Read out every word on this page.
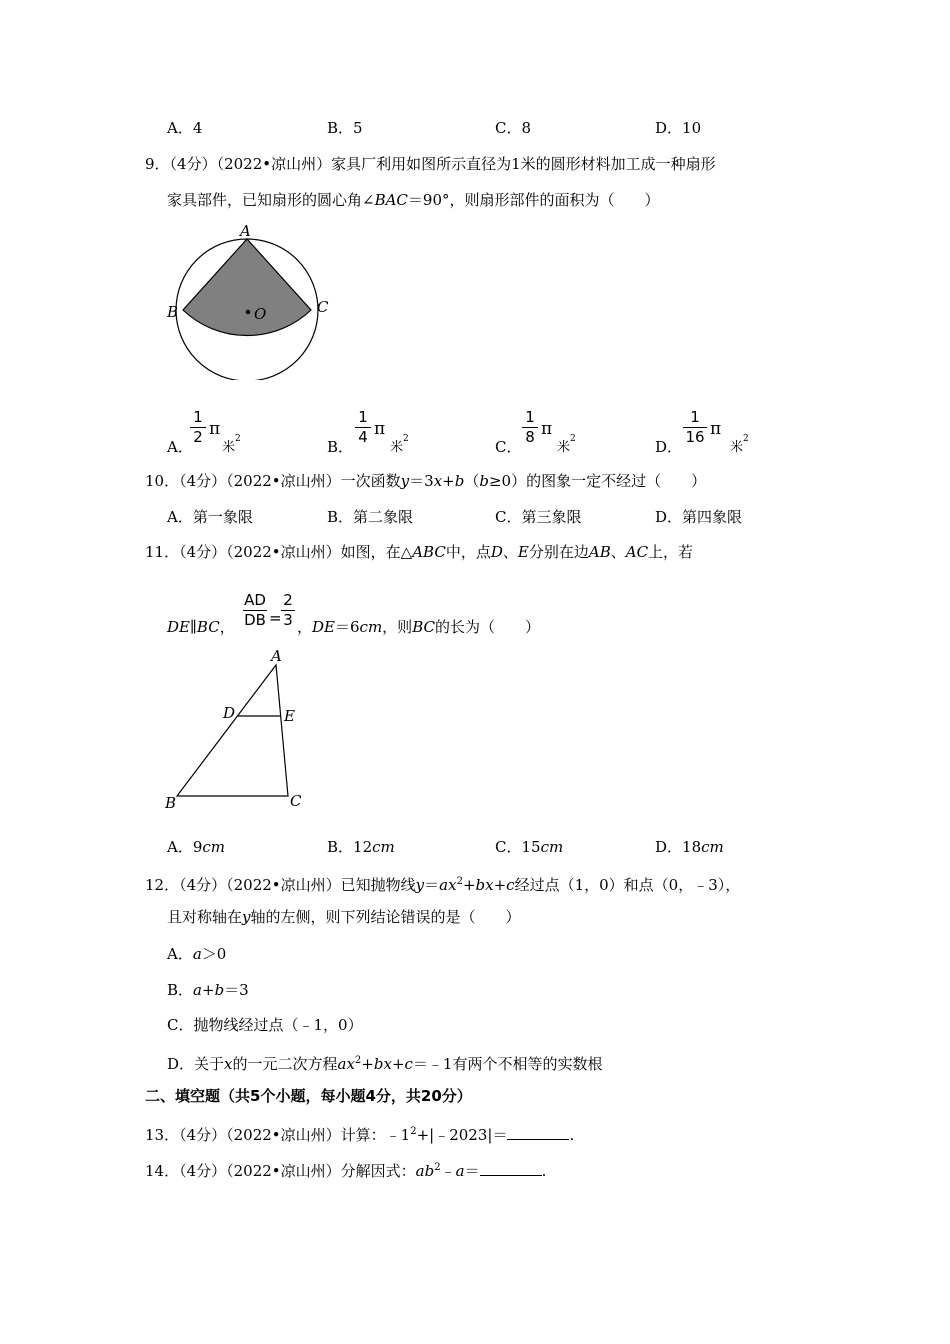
A．4	B．5	C．8	D．10
9．（4分）（2022•凉山州）家具厂利用如图所示直径为1米的圆形材料加工成一种扇形
家具部件，已知扇形的圆心角∠BAC＝90°，则扇形部件的面积为（　　）
A
B	C
O
A．
1
2 π
米$^2$	B．
1
4 π
米$^2$	C．
1
8 π
米$^2$	D．
1
16 π
米$^2$
10．（4分）（2022•凉山州）一次函数y＝3x+b（b≥0）的图象一定不经过（　　）
A．第一象限	B．第二象限	C．第三象限	D．第四象限
11．（4分）（2022•凉山州）如图，在△ABC中，点D、E分别在边AB、AC上，若
DE∥BC，
AD
DB =
2
3 ，DE＝6cm，则BC的长为（　　）
A
B	C
D	E
A．9cm	B．12cm	C．15cm	D．18cm
12．（4分）（2022•凉山州）已知抛物线$y=ax^2+bx+c$经过点（1，0）和点（0，﹣3），
且对称轴在y轴的左侧，则下列结论错误的是（　　）
A．a＞0
B．a+b＝3
C．抛物线经过点（﹣1，0）
D．关于x的一元二次方程$ax^2+bx+c=﹣1$有两个不相等的实数根
二、填空题（共5个小题，每小题4分，共20分）
13．（4分）（2022•凉山州）计算：$﹣1^2+|﹣2023|=$	.
14．（4分）（2022•凉山州）分解因式：$ab^2﹣a=$	.
